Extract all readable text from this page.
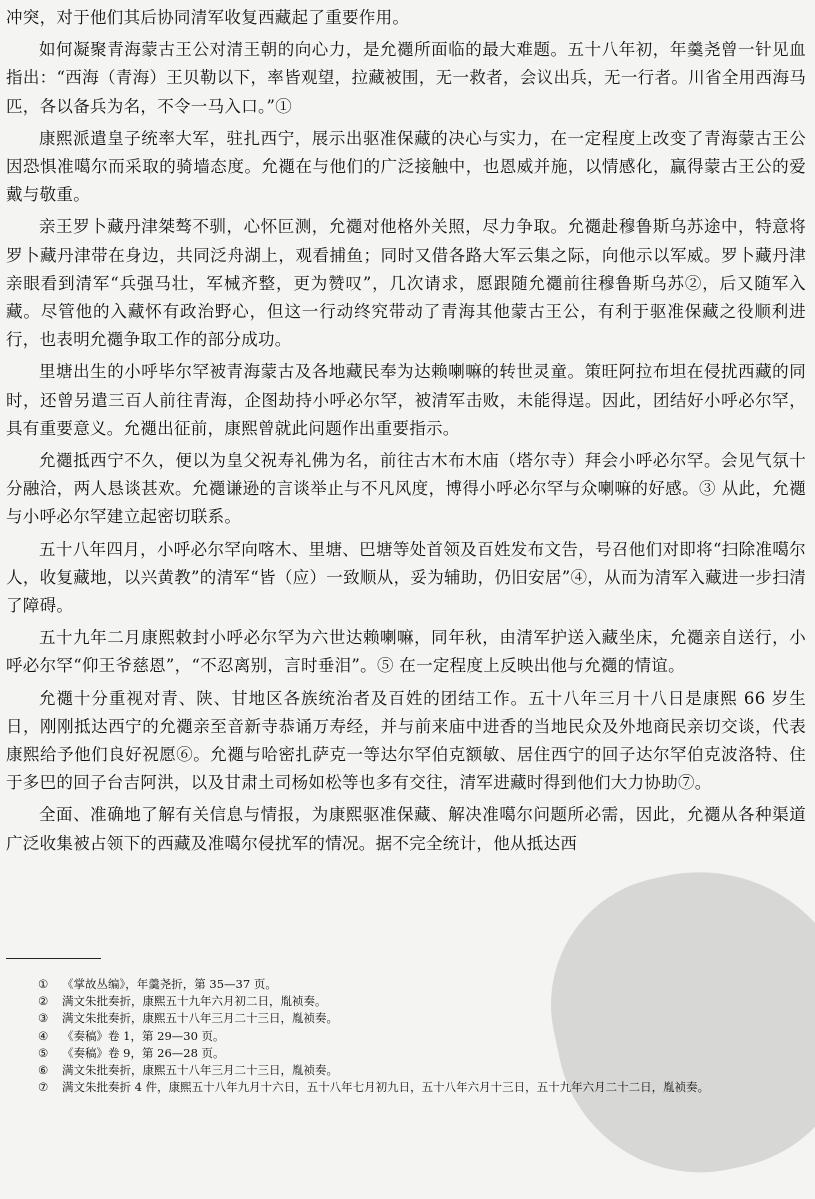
冲突，对于他们其后协同清军收复西藏起了重要作用。

如何凝聚青海蒙古王公对清王朝的向心力，是允禵所面临的最大难题。五十八年初，年羹尧曾一针见血指出：“西海（青海）王贝勒以下，率皆观望，拉藏被围，无一救者，会议出兵，无一行者。川省全用西海马匹，各以备兵为名，不令一马入口。”①

康熙派遣皇子统率大军，驻扎西宁，展示出驱准保藏的决心与实力，在一定程度上改变了青海蒙古王公因恐惧准噶尔而采取的骑墙态度。允禵在与他们的广泛接触中，也恩威并施，以情感化，赢得蒙古王公的爱戴与敬重。

亲王罗卜藏丹津桀骜不驯，心怀叵测，允禵对他格外关照，尽力争取。允禵赴穆鲁斯乌苏途中，特意将罗卜藏丹津带在身边，共同泛舟湖上，观看捕鱼；同时又借各路大军云集之际，向他示以军威。罗卜藏丹津亲眼看到清军“兵强马壮，军械齐整，更为赞叹”，几次请求，愿跟随允禵前往穆鲁斯乌苏②，后又随军入藏。尽管他的入藏怀有政治野心，但这一行动终究带动了青海其他蒙古王公，有利于驱准保藏之役顺利进行，也表明允禵争取工作的部分成功。

里塘出生的小呼毕尔罕被青海蒙古及各地藏民奉为达赖喇嘛的转世灵童。策旺阿拉布坦在侵扰西藏的同时，还曾另遣三百人前往青海，企图劫持小呼必尔罕，被清军击败，未能得逞。因此，团结好小呼必尔罕，具有重要意义。允禵出征前，康熙曾就此问题作出重要指示。

允禵抵西宁不久，便以为皇父祝寿礼佛为名，前往古木布木庙（塔尔寺）拜会小呼必尔罕。会见气氛十分融洽，两人恳谈甚欢。允禵谦逊的言谈举止与不凡风度，博得小呼必尔罕与众喇嘛的好感。③ 从此，允禵与小呼必尔罕建立起密切联系。

五十八年四月，小呼必尔罕向喀木、里塘、巴塘等处首领及百姓发布文告，号召他们对即将“扫除准噶尔人，收复藏地，以兴黄教”的清军“皆（应）一致顺从，妥为辅助，仍旧安居”④，从而为清军入藏进一步扫清了障碍。

五十九年二月康熙敕封小呼必尔罕为六世达赖喇嘛，同年秋，由清军护送入藏坐床，允禵亲自送行，小呼必尔罕“仰王爷慈恩”，“不忍离别，言时垂泪”。⑤ 在一定程度上反映出他与允禵的情谊。

允禵十分重视对青、陕、甘地区各族统治者及百姓的团结工作。五十八年三月十八日是康熙 66 岁生日，刚刚抵达西宁的允禵亲至音新寺恭诵万寿经，并与前来庙中进香的当地民众及外地商民亲切交谈，代表康熙给予他们良好祝愿⑥。允禵与哈密扎萨克一等达尔罕伯克额敏、居住西宁的回子达尔罕伯克波洛特、住于多巴的回子台吉阿洪，以及甘肃土司杨如松等也多有交往，清军进藏时得到他们大力协助⑦。

全面、准确地了解有关信息与情报，为康熙驱准保藏、解决准噶尔问题所必需，因此，允禵从各种渠道广泛收集被占领下的西藏及准噶尔侵扰军的情况。据不完全统计，他从抵达西

① 《掌故丛编》，年羹尧折，第 35—37 页。
② 满文朱批奏折，康熙五十九年六月初二日，胤祯奏。
③ 满文朱批奏折，康熙五十八年三月二十三日，胤祯奏。
④ 《奏稿》卷 1，第 29—30 页。
⑤ 《奏稿》卷 9，第 26—28 页。
⑥ 满文朱批奏折，康熙五十八年三月二十三日，胤祯奏。
⑦ 满文朱批奏折 4 件，康熙五十八年九月十六日，五十八年七月初九日，五十八年六月十三日，五十九年六月二十二日，胤祯奏。
